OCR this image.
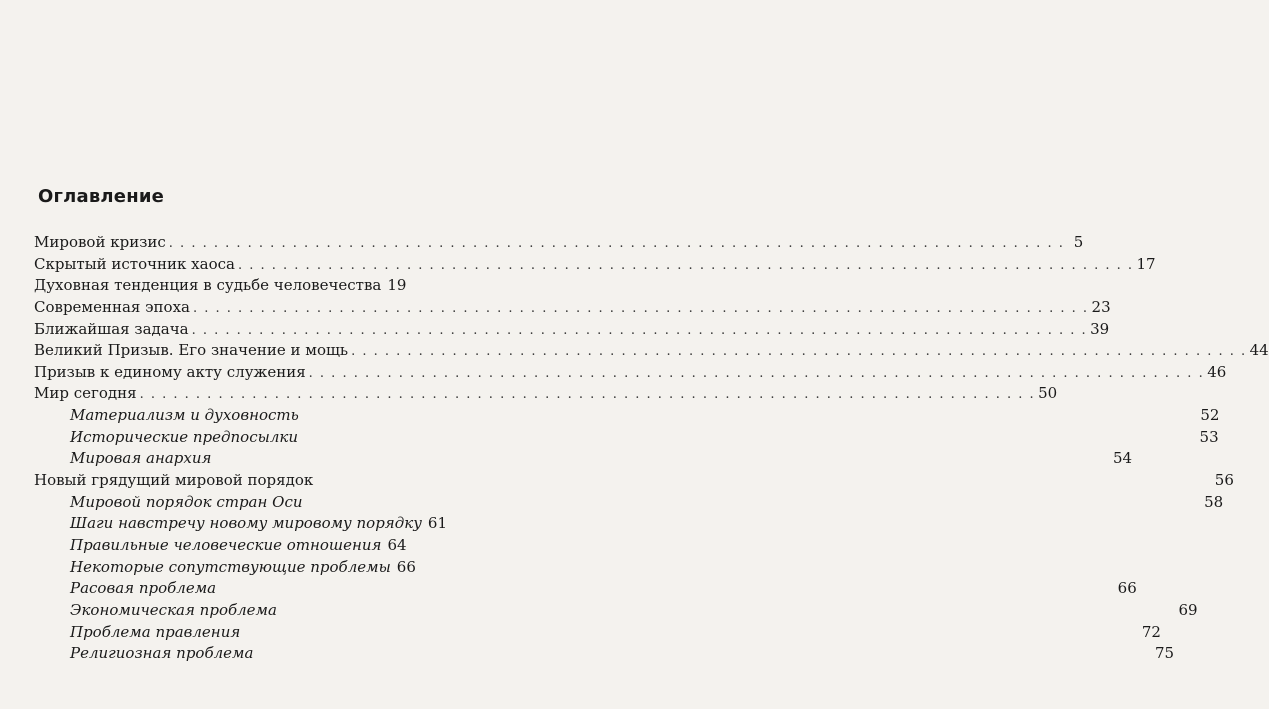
Оглавление
Мировой кризис . . . . . . . . . . . . . . . . . . . . . . . . . . . . . . . . . . . . . . . . . . . . . . . . . . . . . . . . . . . . . . . . . . . . . . . . . . . . . . . . 5
Скрытый источник хаоса . . . . . . . . . . . . . . . . . . . . . . . . . . . . . . . . . . . . . . . . . . . . . . . . . . . . . . . . . . . . . . . . . . . . . . . . . . . . . . . . 17
Духовная тенденция в судьбе человечества 19
Современная эпоха . . . . . . . . . . . . . . . . . . . . . . . . . . . . . . . . . . . . . . . . . . . . . . . . . . . . . . . . . . . . . . . . . . . . . . . . . . . . . . . . 23
Ближайшая задача . . . . . . . . . . . . . . . . . . . . . . . . . . . . . . . . . . . . . . . . . . . . . . . . . . . . . . . . . . . . . . . . . . . . . . . . . . . . . . . . 39
Великий Призыв. Его значение и мощь . . . . . . . . . . . . . . . . . . . . . . . . . . . . . . . . . . . . . . . . . . . . . . . . . . . . . . . . . . . . . . . . . . . . . . . . . . . . . . . . 44
Призыв к единому акту служения . . . . . . . . . . . . . . . . . . . . . . . . . . . . . . . . . . . . . . . . . . . . . . . . . . . . . . . . . . . . . . . . . . . . . . . . . . . . . . . . 46
Мир сегодня . . . . . . . . . . . . . . . . . . . . . . . . . . . . . . . . . . . . . . . . . . . . . . . . . . . . . . . . . . . . . . . . . . . . . . . . . . . . . . . . 50
Материализм и духовность	52
Исторические предпосылки	53
Мировая анархия	54
Новый грядущий мировой порядок	56
Мировой порядок стран Оси	58
Шаги навстречу новому мировому порядку 61
Правильные человеческие отношения 64
Некоторые сопутствующие проблемы 66
Расовая проблема	66
Экономическая проблема	69
Проблема правления	72
Религиозная проблема	75
